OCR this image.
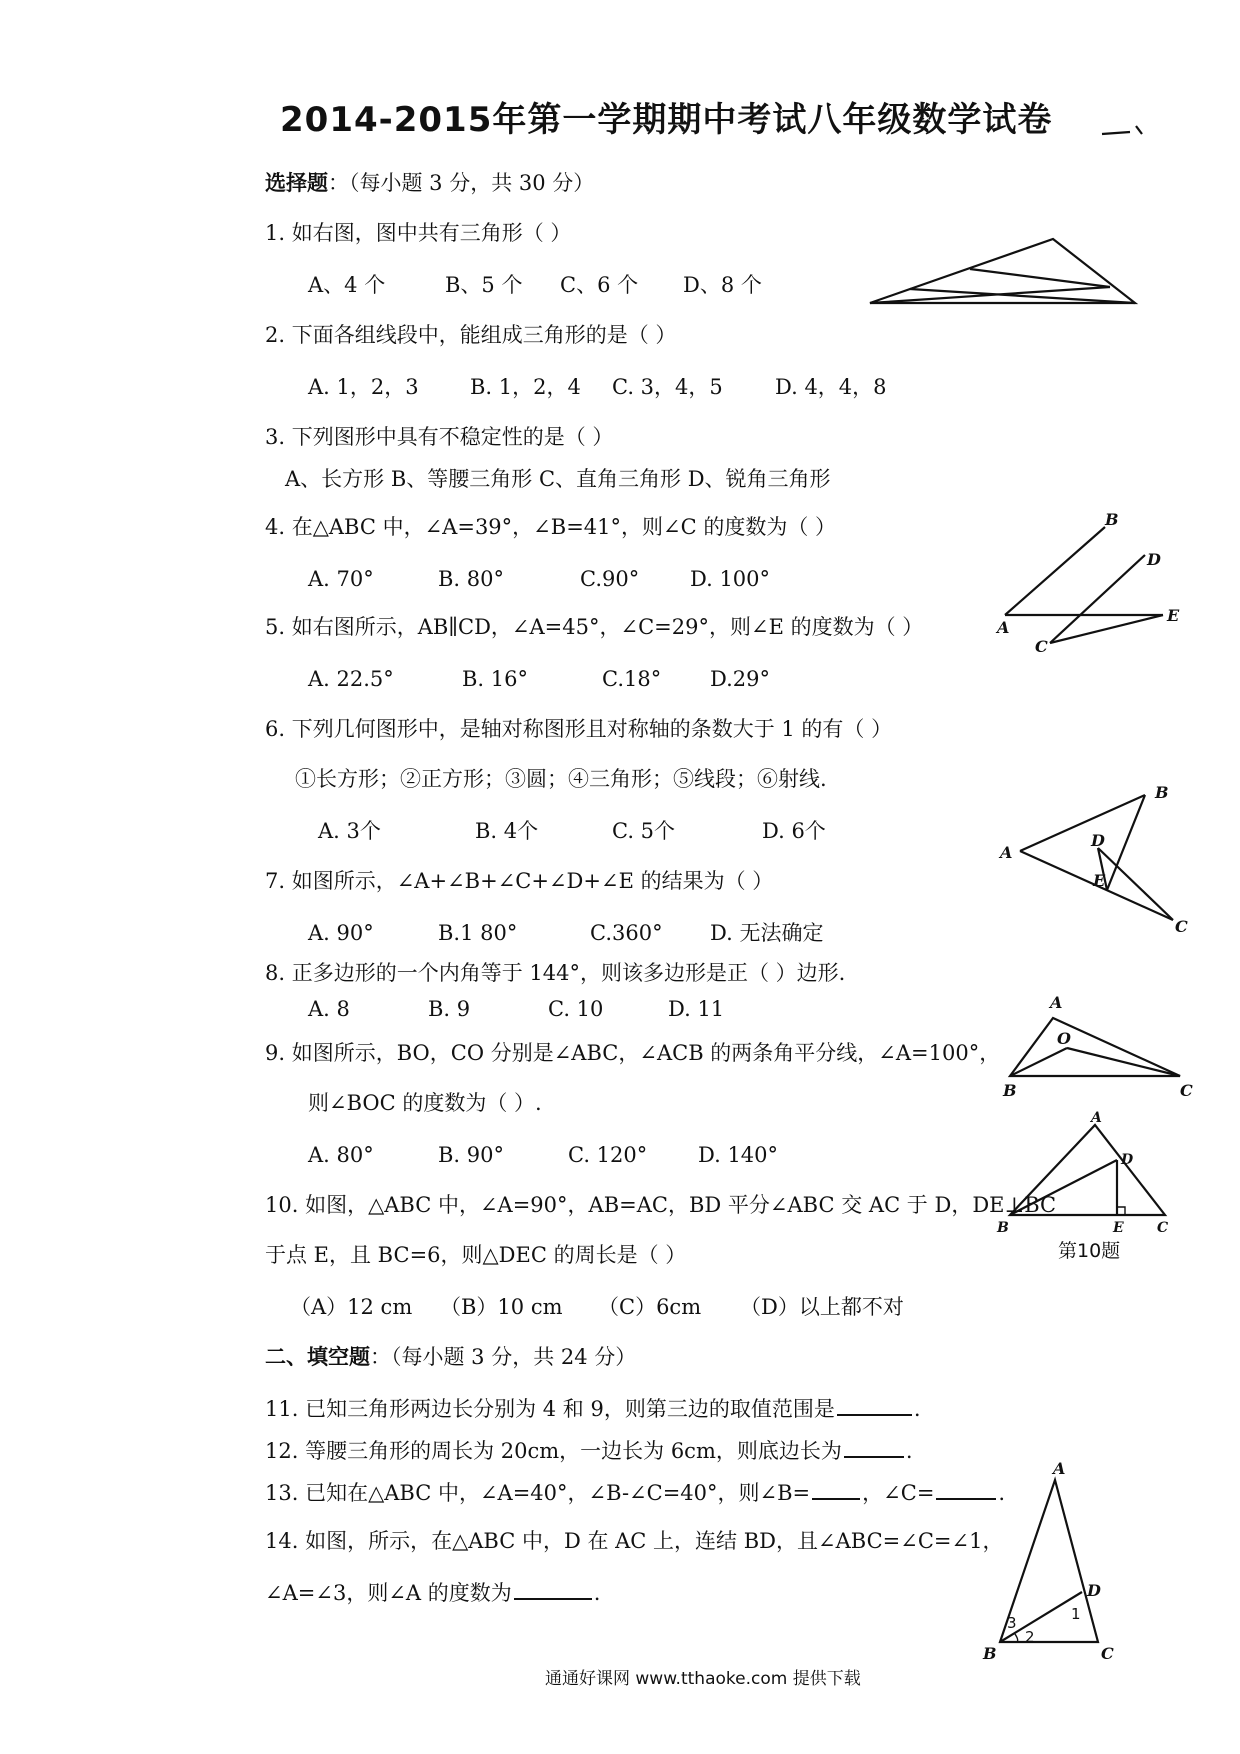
2014-2015年第一学期期中考试八年级数学试卷
选择题：（每小题 3 分，共 30 分）
1. 如右图，图中共有三角形（ ）
A、4 个	B、5 个 C、6 个 D、8 个
2. 下面各组线段中，能组成三角形的是（ ）
A. 1，2，3 B. 1，2，4 C. 3，4，5 D. 4，4，8
3. 下列图形中具有不稳定性的是（ ）
A、长方形 B、等腰三角形 C、直角三角形 D、锐角三角形
4. 在△ABC 中，∠A=39°，∠B=41°，则∠C 的度数为（ ）
A. 70°	B. 80°	C.90° D. 100°
B
D
E
A
C
5. 如右图所示，AB∥CD，∠A=45°，∠C=29°，则∠E 的度数为（ ）
A. 22.5°	B. 16°	C.18° D.29°
6. 下列几何图形中，是轴对称图形且对称轴的条数大于 1 的有（ ）
①长方形；②正方形；③圆；④三角形；⑤线段；⑥射线.
A. 3个	B. 4个	C. 5个	D. 6个
B
A
D
E
C
7. 如图所示，∠A+∠B+∠C+∠D+∠E 的结果为（ ）
A. 90°	B.1 80°	C.360° D. 无法确定
8. 正多边形的一个内角等于 144°，则该多边形是正（ ）边形.
A. 8	B. 9	C. 10	D. 11	A
O
B	C
9. 如图所示，BO，CO 分别是∠ABC，∠ACB 的两条角平分线，∠A=100°，
则∠BOC 的度数为（ ）.
A. 80°	B. 90°	C. 120° D. 140°
A
D
B	E C
第10题
10. 如图，△ABC 中，∠A=90°，AB=AC，BD 平分∠ABC 交 AC 于 D，DE⊥BC
于点 E，且 BC=6，则△DEC 的周长是（ ）
（A）12 cm （B）10 cm （C）6cm （D）以上都不对
二、填空题：（每小题 3 分，共 24 分）
11. 已知三角形两边长分别为 4 和 9，则第三边的取值范围是	.
12. 等腰三角形的周长为 20cm，一边长为 6cm，则底边长为	.
13. 已知在△ABC 中，∠A=40°，∠B-∠C=40°，则∠B= ，∠C=	.
14. 如图，所示，在△ABC 中，D 在 AC 上，连结 BD，且∠ABC=∠C=∠1，
∠A=∠3，则∠A 的度数为	.
A
D
1
3
2
B	C
通通好课网 www.tthaoke.com 提供下载
